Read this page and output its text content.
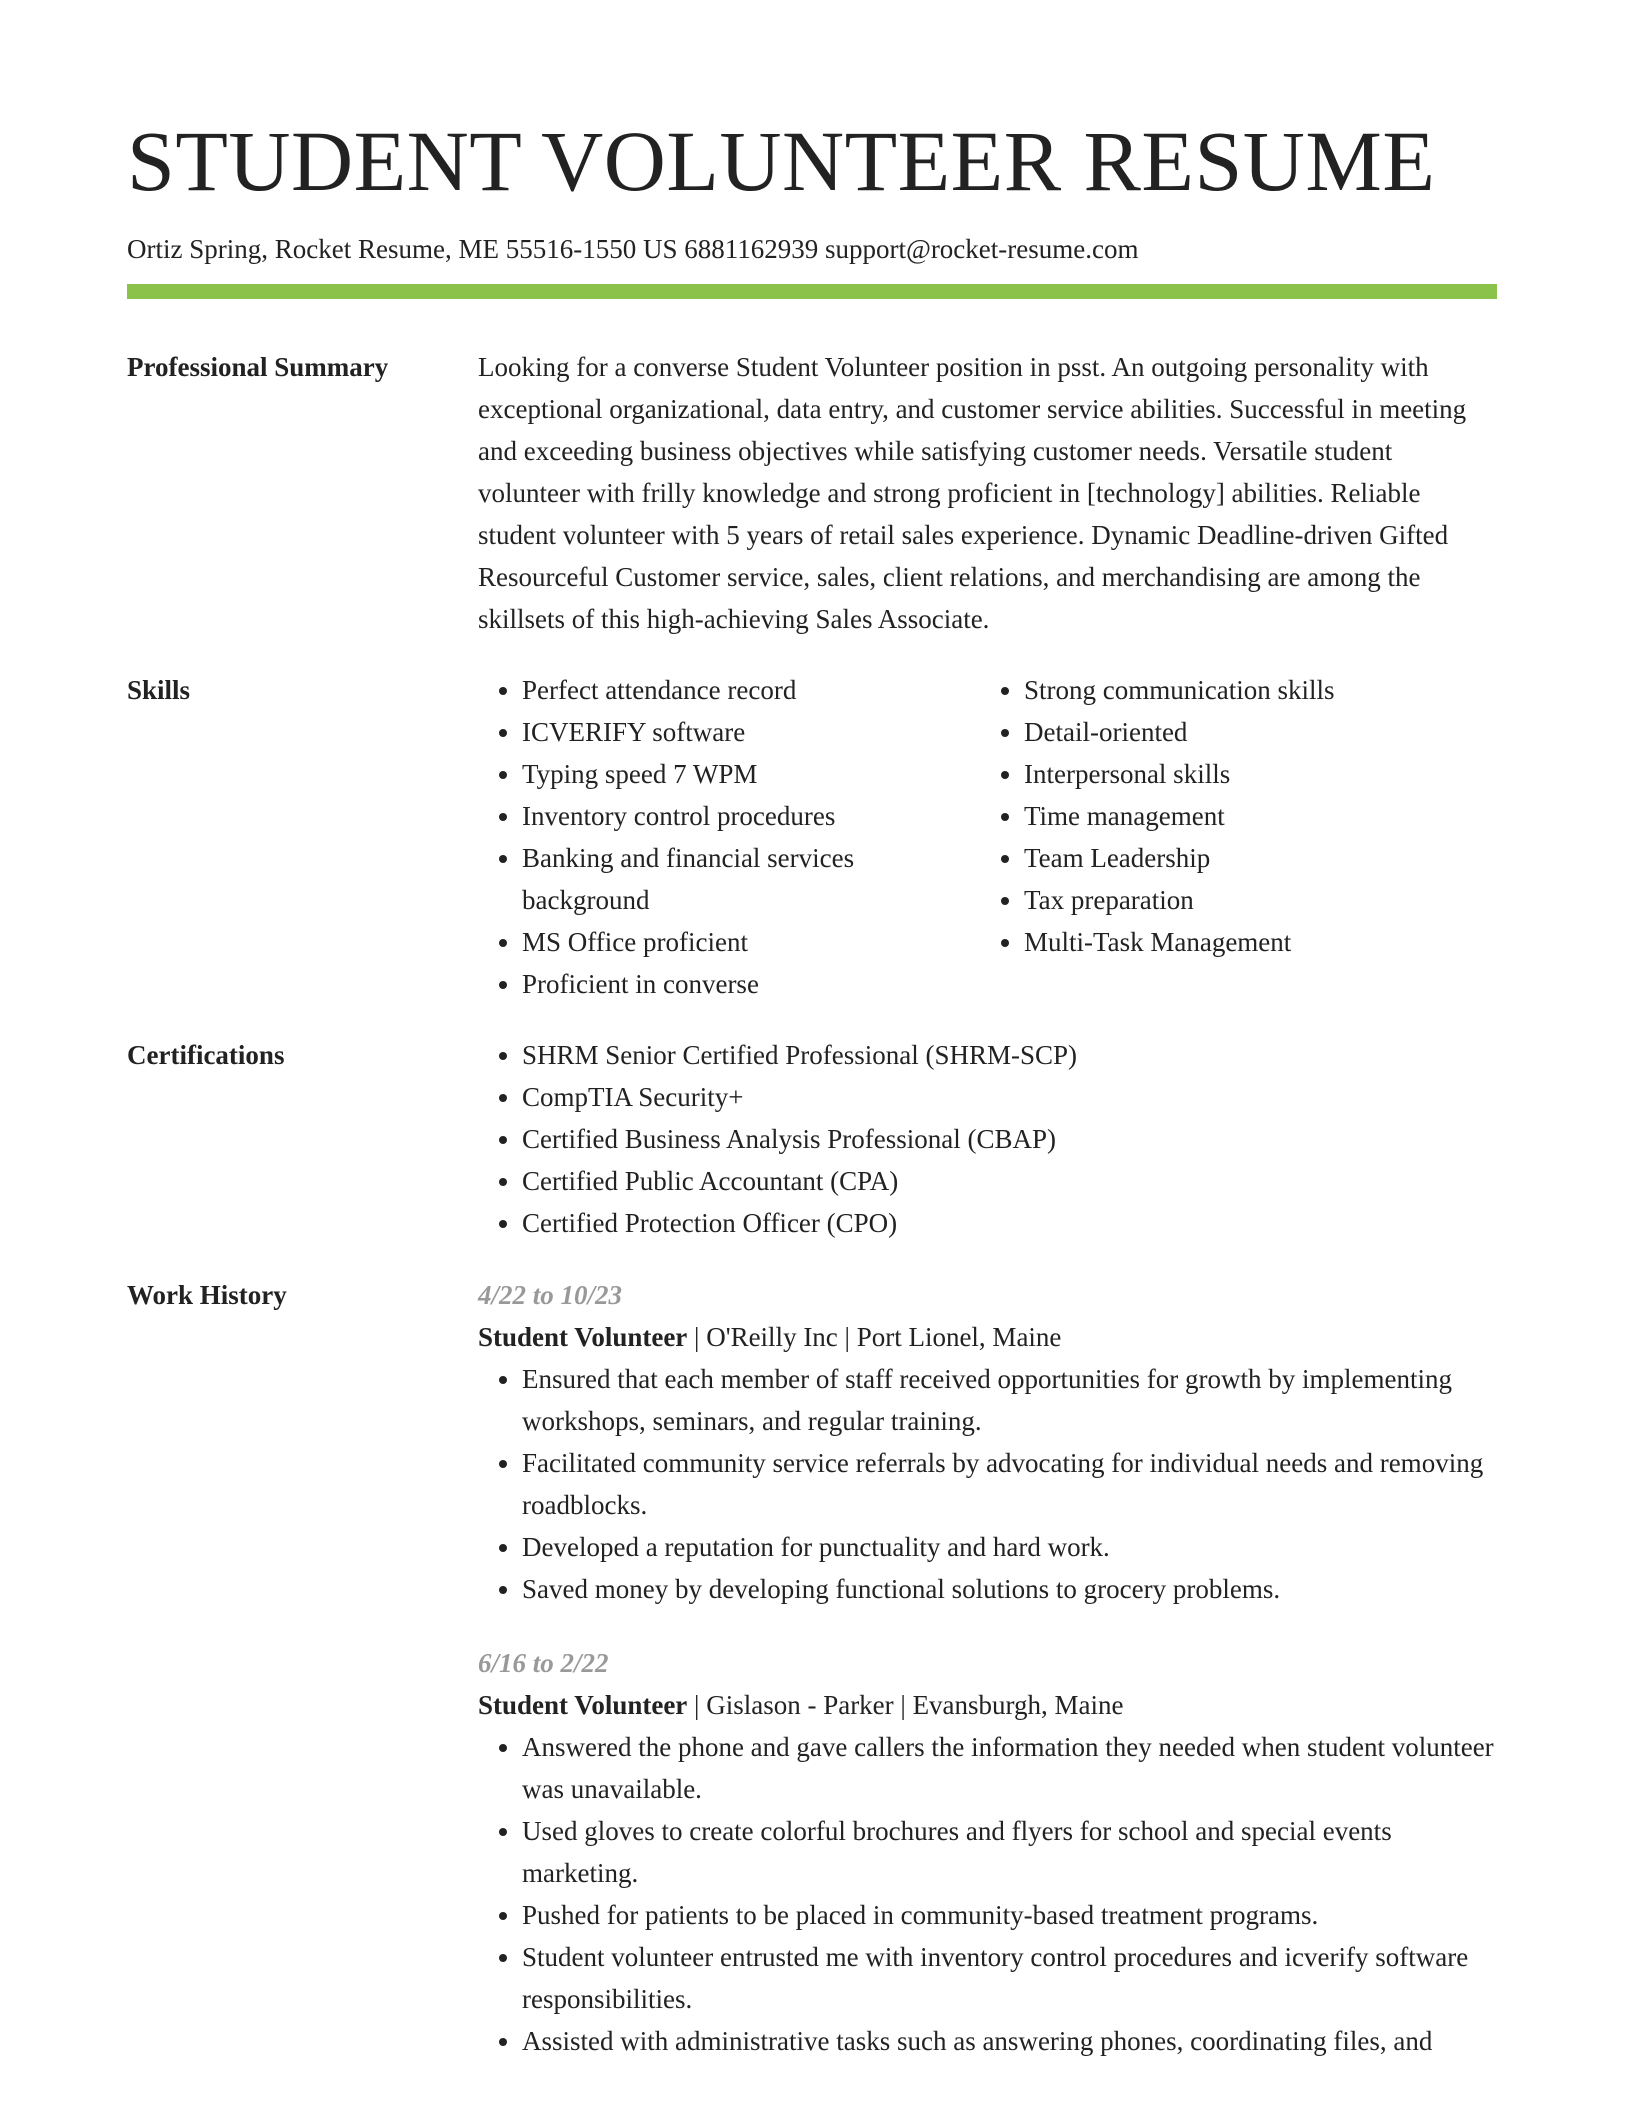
STUDENT VOLUNTEER RESUME
Ortiz Spring, Rocket Resume, ME 55516-1550 US 6881162939 support@rocket-resume.com
Professional Summary	Looking for a converse Student Volunteer position in psst. An outgoing personality with exceptional organizational, data entry, and customer service abilities. Successful in meeting and exceeding business objectives while satisfying customer needs. Versatile student volunteer with frilly knowledge and strong proficient in [technology] abilities. Reliable student volunteer with 5 years of retail sales experience. Dynamic Deadline-driven Gifted Resourceful Customer service, sales, client relations, and merchandising are among the skillsets of this high-achieving Sales Associate.

Skills	• Perfect attendance record
• ICVERIFY software
• Typing speed 7 WPM
• Inventory control procedures
• Banking and financial services background
• MS Office proficient
• Proficient in converse
• Strong communication skills
• Detail-oriented
• Interpersonal skills
• Time management
• Team Leadership
• Tax preparation
• Multi-Task Management
Certifications	• SHRM Senior Certified Professional (SHRM-SCP)
• CompTIA Security+
• Certified Business Analysis Professional (CBAP)
• Certified Public Accountant (CPA)
• Certified Protection Officer (CPO)
Work History	4/22 to 10/23

Student Volunteer | O'Reilly Inc | Port Lionel, Maine

• Ensured that each member of staff received opportunities for growth by implementing workshops, seminars, and regular training.
• Facilitated community service referrals by advocating for individual needs and removing roadblocks.
• Developed a reputation for punctuality and hard work.
• Saved money by developing functional solutions to grocery problems.

6/16 to 2/22

Student Volunteer | Gislason - Parker | Evansburgh, Maine

• Answered the phone and gave callers the information they needed when student volunteer was unavailable.
• Used gloves to create colorful brochures and flyers for school and special events marketing.
• Pushed for patients to be placed in community-based treatment programs.
• Student volunteer entrusted me with inventory control procedures and icverify software responsibilities.
• Assisted with administrative tasks such as answering phones, coordinating files, and
